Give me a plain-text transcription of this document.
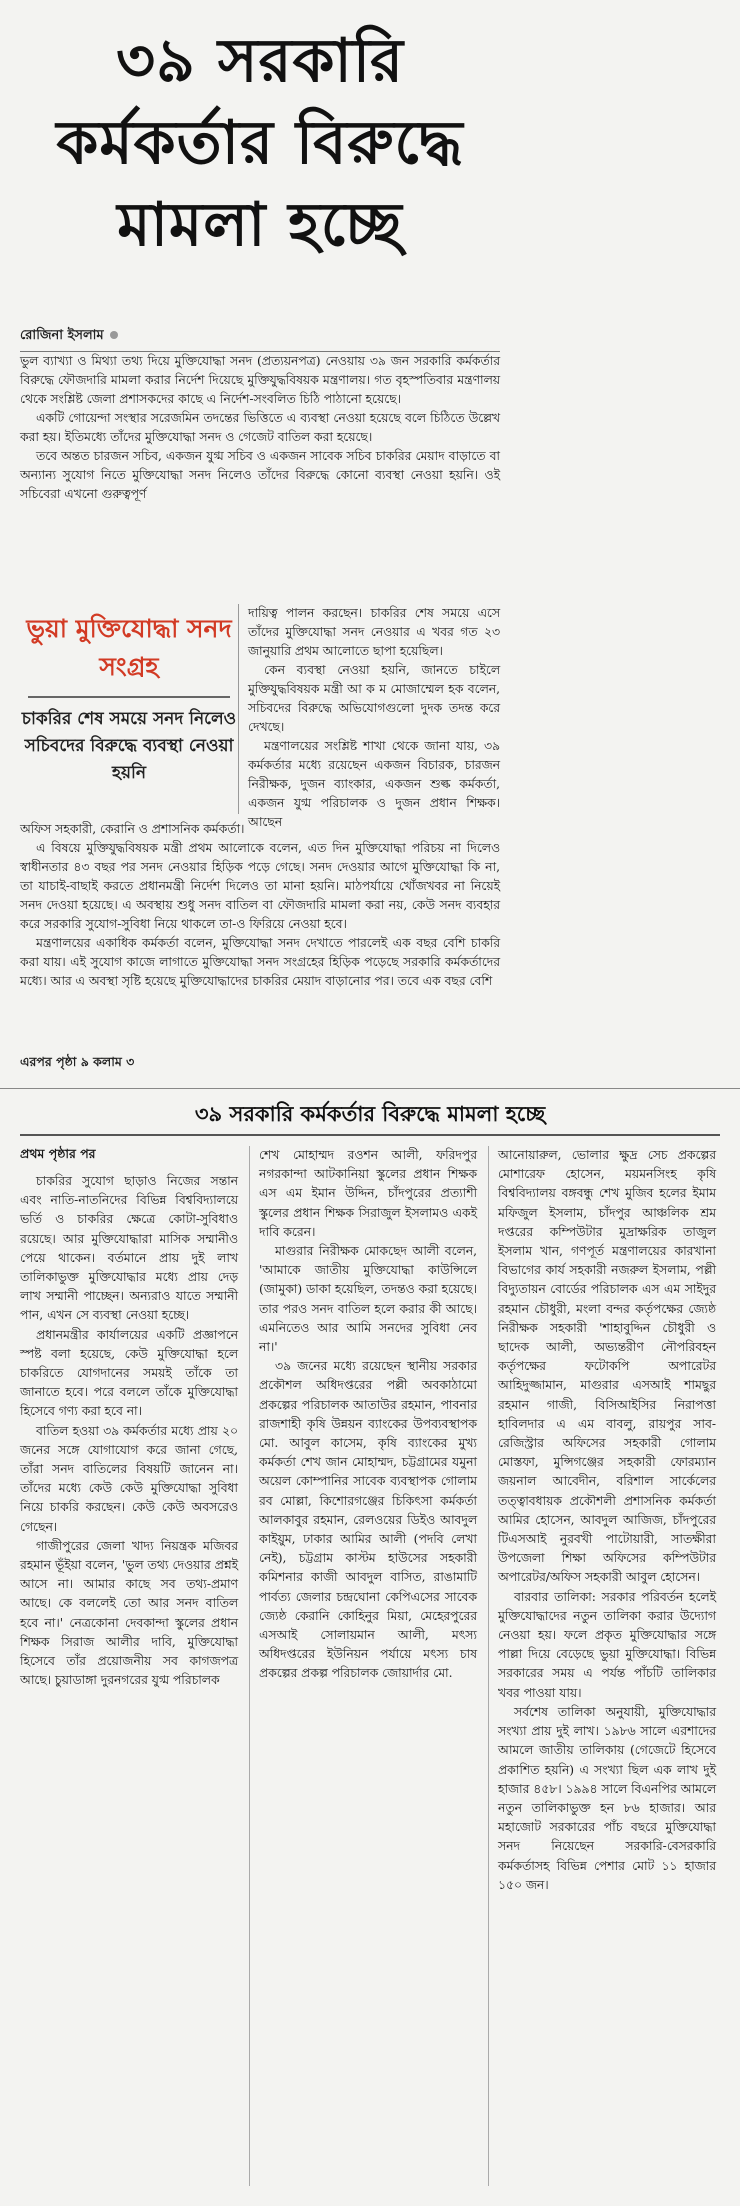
৩৯ সরকারি কর্মকর্তার বিরুদ্ধে মামলা হচ্ছে
রোজিনা ইসলাম

ভুল ব্যাখ্যা ও মিথ্যা তথ্য দিয়ে মুক্তিযোদ্ধা সনদ (প্রত্যয়নপত্র) নেওয়ায় ৩৯ জন সরকারি কর্মকর্তার বিরুদ্ধে ফৌজদারি মামলা করার নির্দেশ দিয়েছে মুক্তিযুদ্ধবিষয়ক মন্ত্রণালয়। গত বৃহস্পতিবার মন্ত্রণালয় থেকে সংশ্লিষ্ট জেলা প্রশাসকদের কাছে এ নির্দেশ-সংবলিত চিঠি পাঠানো হয়েছে।

একটি গোয়েন্দা সংস্থার সরেজমিন তদন্তের ভিত্তিতে এ ব্যবস্থা নেওয়া হয়েছে বলে চিঠিতে উল্লেখ করা হয়। ইতিমধ্যে তাঁদের মুক্তিযোদ্ধা সনদ ও গেজেট বাতিল করা হয়েছে।

তবে অন্তত চারজন সচিব, একজন যুগ্ম সচিব ও একজন সাবেক সচিব চাকরির মেয়াদ বাড়াতে বা অন্যান্য সুযোগ নিতে মুক্তিযোদ্ধা সনদ নিলেও তাঁদের বিরুদ্ধে কোনো ব্যবস্থা নেওয়া হয়নি। ওই সচিবেরা এখনো গুরুত্বপূর্ণ

ভুয়া মুক্তিযোদ্ধা সনদ সংগ্রহ
চাকরির শেষ সময়ে সনদ নিলেও সচিবদের বিরুদ্ধে ব্যবস্থা নেওয়া হয়নি

দায়িত্ব পালন করছেন। চাকরির শেষ সময়ে এসে তাঁদের মুক্তিযোদ্ধা সনদ নেওয়ার এ খবর গত ২৩ জানুয়ারি প্রথম আলোতে ছাপা হয়েছিল।

কেন ব্যবস্থা নেওয়া হয়নি, জানতে চাইলে মুক্তিযুদ্ধবিষয়ক মন্ত্রী আ ক ম মোজাম্মেল হক বলেন, সচিবদের বিরুদ্ধে অভিযোগগুলো দুদক তদন্ত করে দেখছে।

মন্ত্রণালয়ের সংশ্লিষ্ট শাখা থেকে জানা যায়, ৩৯ কর্মকর্তার মধ্যে রয়েছেন একজন বিচারক, চারজন নিরীক্ষক, দুজন ব্যাংকার, একজন শুল্ক কর্মকর্তা, একজন যুগ্ম পরিচালক ও দুজন প্রধান শিক্ষক। আছেন

অফিস সহকারী, কেরানি ও প্রশাসনিক কর্মকর্তা।

এ বিষয়ে মুক্তিযুদ্ধবিষয়ক মন্ত্রী প্রথম আলোকে বলেন, এত দিন মুক্তিযোদ্ধা পরিচয় না দিলেও স্বাধীনতার ৪৩ বছর পর সনদ নেওয়ার হিড়িক পড়ে গেছে। সনদ দেওয়ার আগে মুক্তিযোদ্ধা কি না, তা যাচাই-বাছাই করতে প্রধানমন্ত্রী নির্দেশ দিলেও তা মানা হয়নি। মাঠপর্যায়ে খোঁজখবর না নিয়েই সনদ দেওয়া হয়েছে। এ অবস্থায় শুধু সনদ বাতিল বা ফৌজদারি মামলা করা নয়, কেউ সনদ ব্যবহার করে সরকারি সুযোগ-সুবিধা নিয়ে থাকলে তা-ও ফিরিয়ে নেওয়া হবে।

মন্ত্রণালয়ের একাধিক কর্মকর্তা বলেন, মুক্তিযোদ্ধা সনদ দেখাতে পারলেই এক বছর বেশি চাকরি করা যায়। এই সুযোগ কাজে লাগাতে মুক্তিযোদ্ধা সনদ সংগ্রহের হিড়িক পড়েছে সরকারি কর্মকর্তাদের মধ্যে। আর এ অবস্থা সৃষ্টি হয়েছে মুক্তিযোদ্ধাদের চাকরির মেয়াদ বাড়ানোর পর। তবে এক বছর বেশি

এরপর পৃষ্ঠা ৯ কলাম ৩
৩৯ সরকারি কর্মকর্তার বিরুদ্ধে মামলা হচ্ছে
প্রথম পৃষ্ঠার পর

চাকরির সুযোগ ছাড়াও নিজের সন্তান এবং নাতি-নাতনিদের বিভিন্ন বিশ্ববিদ্যালয়ে ভর্তি ও চাকরির ক্ষেত্রে কোটা-সুবিধাও রয়েছে। আর মুক্তিযোদ্ধারা মাসিক সম্মানীও পেয়ে থাকেন। বর্তমানে প্রায় দুই লাখ তালিকাভুক্ত মুক্তিযোদ্ধার মধ্যে প্রায় দেড় লাখ সম্মানী পাচ্ছেন। অন্যরাও যাতে সম্মানী পান, এখন সে ব্যবস্থা নেওয়া হচ্ছে।

প্রধানমন্ত্রীর কার্যালয়ের একটি প্রজ্ঞাপনে স্পষ্ট বলা হয়েছে, কেউ মুক্তিযোদ্ধা হলে চাকরিতে যোগদানের সময়ই তাঁকে তা জানাতে হবে। পরে বললে তাঁকে মুক্তিযোদ্ধা হিসেবে গণ্য করা হবে না।

বাতিল হওয়া ৩৯ কর্মকর্তার মধ্যে প্রায় ২০ জনের সঙ্গে যোগাযোগ করে জানা গেছে, তাঁরা সনদ বাতিলের বিষয়টি জানেন না। তাঁদের মধ্যে কেউ কেউ মুক্তিযোদ্ধা সুবিধা নিয়ে চাকরি করছেন। কেউ কেউ অবসরেও গেছেন।

গাজীপুরের জেলা খাদ্য নিয়ন্ত্রক মজিবর রহমান ভূঁইয়া বলেন, 'ভুল তথ্য দেওয়ার প্রশ্নই আসে না। আমার কাছে সব তথ্য-প্রমাণ আছে। কে বললেই তো আর সনদ বাতিল হবে না।' নেত্রকোনা দেবকান্দা স্কুলের প্রধান শিক্ষক সিরাজ আলীর দাবি, মুক্তিযোদ্ধা হিসেবে তাঁর প্রয়োজনীয় সব কাগজপত্র আছে। চুয়াডাঙ্গা দুরনগরের যুগ্ম পরিচালক

শেখ মোহাম্মদ রওশন আলী, ফরিদপুর নগরকান্দা আটকানিয়া স্কুলের প্রধান শিক্ষক এস এম ইমান উদ্দিন, চাঁদপুরের প্রত্যাশী স্কুলের প্রধান শিক্ষক সিরাজুল ইসলামও একই দাবি করেন।

মাগুরার নিরীক্ষক মোকছেদ আলী বলেন, 'আমাকে জাতীয় মুক্তিযোদ্ধা কাউন্সিলে (জামুকা) ডাকা হয়েছিল, তদন্তও করা হয়েছে। তার পরও সনদ বাতিল হলে করার কী আছে। এমনিতেও আর আমি সনদের সুবিধা নেব না।'

৩৯ জনের মধ্যে রয়েছেন স্থানীয় সরকার প্রকৌশল অধিদপ্তরের পল্লী অবকাঠামো প্রকল্পের পরিচালক আতাউর রহমান, পাবনার রাজশাহী কৃষি উন্নয়ন ব্যাংকের উপব্যবস্থাপক মো. আবুল কাসেম, কৃষি ব্যাংকের মুখ্য কর্মকর্তা শেখ জান মোহাম্মদ, চট্টগ্রামের যমুনা অয়েল কোম্পানির সাবেক ব্যবস্থাপক গোলাম রব মোল্লা, কিশোরগঞ্জের চিকিৎসা কর্মকর্তা আলকাবুর রহমান, রেলওয়ের ডিইও আবদুল কাইয়ুম, ঢাকার আমির আলী (পদবি লেখা নেই), চট্টগ্রাম কাস্টম হাউসের সহকারী কমিশনার কাজী আবদুল বাসিত, রাঙামাটি পার্বত্য জেলার চন্দ্রঘোনা কেপিএসের সাবেক জ্যেষ্ঠ কেরানি কোহিনুর মিয়া, মেহেরপুরের এসআই সোলায়মান আলী, মৎস্য অধিদপ্তরের ইউনিয়ন পর্যায়ে মৎস্য চাষ প্রকল্পের প্রকল্প পরিচালক জোয়ার্দার মো.

আনোয়ারুল, ভোলার ক্ষুদ্র সেচ প্রকল্পের মোশারেফ হোসেন, ময়মনসিংহ কৃষি বিশ্ববিদ্যালয় বঙ্গবন্ধু শেখ মুজিব হলের ইমাম মফিজুল ইসলাম, চাঁদপুর আঞ্চলিক শ্রম দপ্তরের কম্পিউটার মুদ্রাক্ষরিক তাজুল ইসলাম খান, গণপূর্ত মন্ত্রণালয়ের কারখানা বিভাগের কার্য সহকারী নজরুল ইসলাম, পল্লী বিদ্যুতায়ন বোর্ডের পরিচালক এস এম সাইদুর রহমান চৌধুরী, মংলা বন্দর কর্তৃপক্ষের জ্যেষ্ঠ নিরীক্ষক সহকারী 'শাহাবুদ্দিন চৌধুরী ও ছাদেক আলী, অভ্যন্তরীণ নৌপরিবহন কর্তৃপক্ষের ফটোকপি অপারেটর আহিদুজ্জামান, মাগুরার এসআই শামছুর রহমান গাজী, বিসিআইসির নিরাপত্তা হাবিলদার এ এম বাবলু, রায়পুর সাব-রেজিস্ট্রার অফিসের সহকারী গোলাম মোস্তফা, মুন্সিগঞ্জের সহকারী ফোরম্যান জয়নাল আবেদীন, বরিশাল সার্কেলের তত্ত্বাবধায়ক প্রকৌশলী প্রশাসনিক কর্মকর্তা আমির হোসেন, আবদুল আজিজ, চাঁদপুরের টিএসআই নুরবখী পাটোয়ারী, সাতক্ষীরা উপজেলা শিক্ষা অফিসের কম্পিউটার অপারেটর/অফিস সহকারী আবুল হোসেন।

বারবার তালিকা: সরকার পরিবর্তন হলেই মুক্তিযোদ্ধাদের নতুন তালিকা করার উদ্যোগ নেওয়া হয়। ফলে প্রকৃত মুক্তিযোদ্ধার সঙ্গে পাল্লা দিয়ে বেড়েছে ভুয়া মুক্তিযোদ্ধা। বিভিন্ন সরকারের সময় এ পর্যন্ত পাঁচটি তালিকার খবর পাওয়া যায়।

সর্বশেষ তালিকা অনুযায়ী, মুক্তিযোদ্ধার সংখ্যা প্রায় দুই লাখ। ১৯৮৬ সালে এরশাদের আমলে জাতীয় তালিকায় (গেজেটে হিসেবে প্রকাশিত হয়নি) এ সংখ্যা ছিল এক লাখ দুই হাজার ৪৫৮। ১৯৯৪ সালে বিএনপির আমলে নতুন তালিকাভুক্ত হন ৮৬ হাজার। আর মহাজোট সরকারের পাঁচ বছরে মুক্তিযোদ্ধা সনদ নিয়েছেন সরকারি-বেসরকারি কর্মকর্তাসহ বিভিন্ন পেশার মোট ১১ হাজার ১৫০ জন।
